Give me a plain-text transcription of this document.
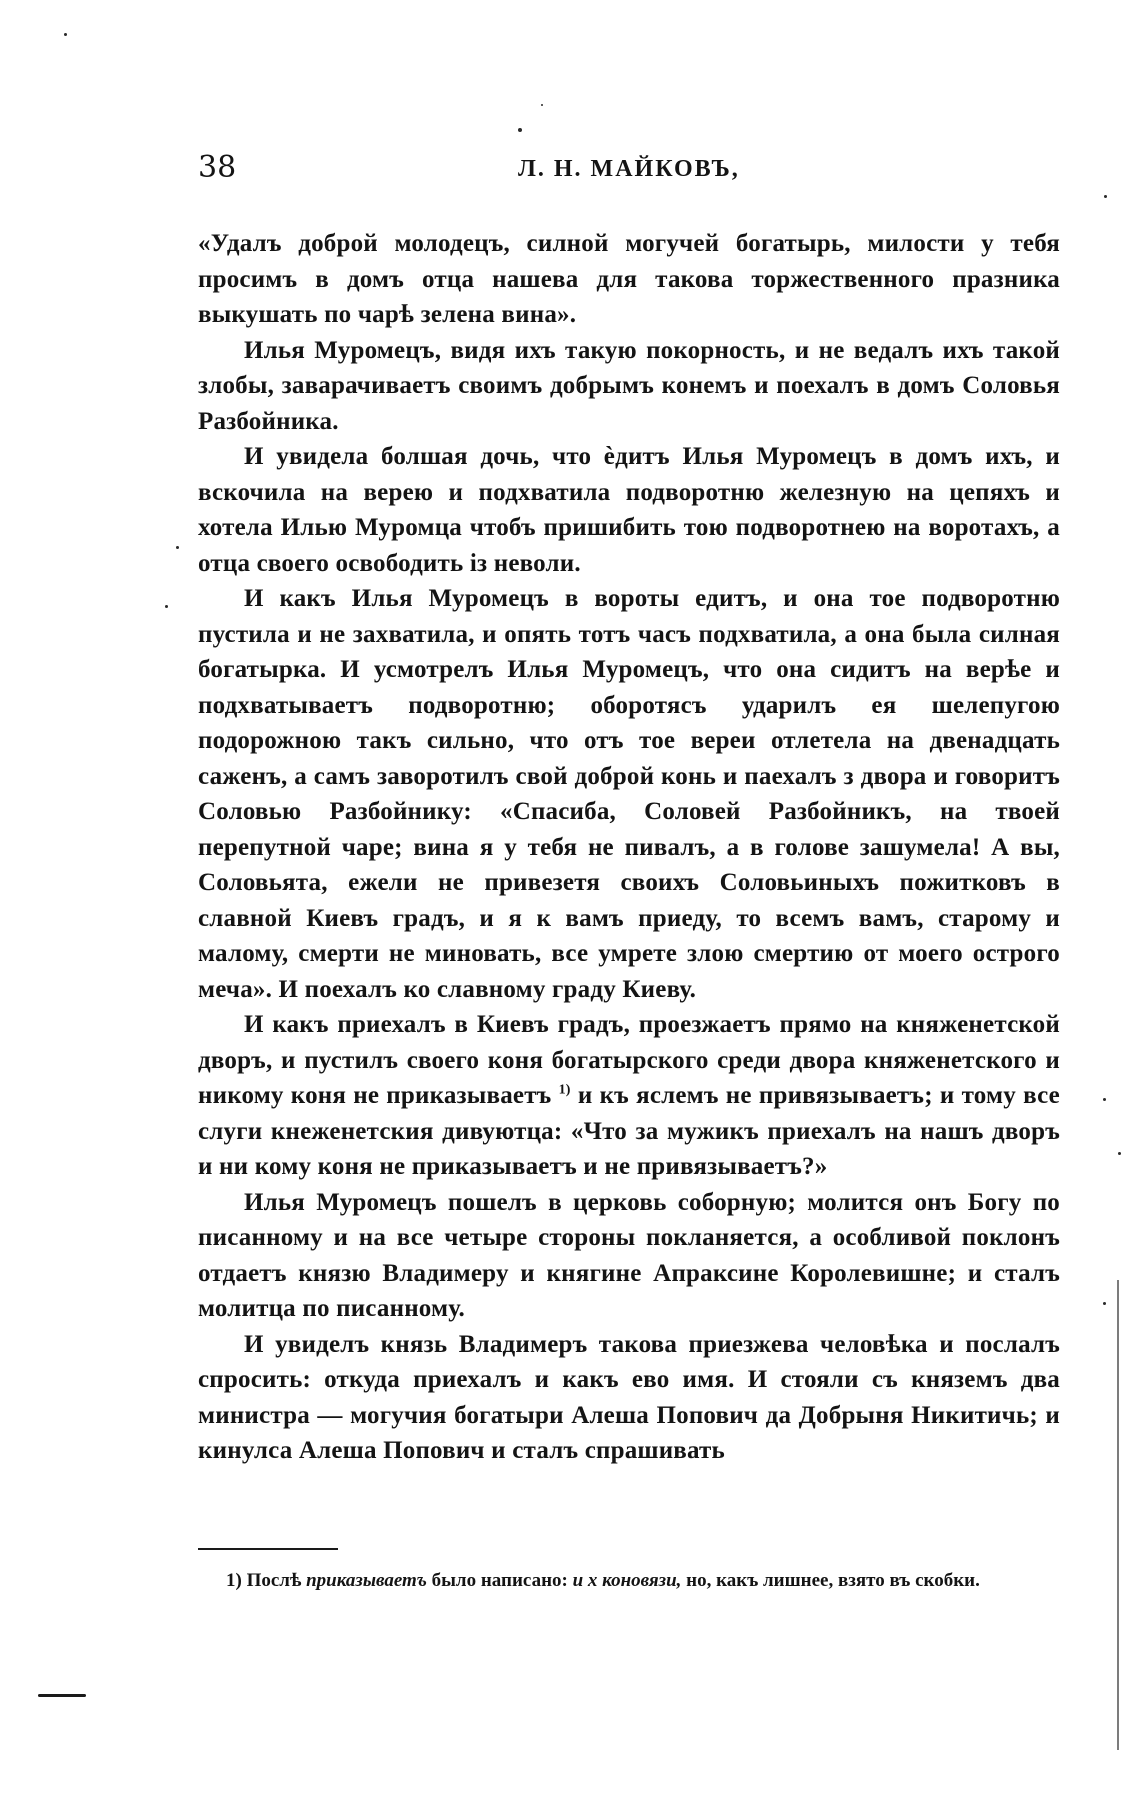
38	Л. Н. МАЙКОВЪ,

«Удалъ доброй молодецъ, силной могучей богатырь, милости у тебя просимъ в домъ отца нашева для такова торжественного празника выкушать по чарѣ зелена вина».

Илья Муромецъ, видя ихъ такую покорность, и не ведалъ ихъ такой злобы, заварачиваетъ своимъ добрымъ конемъ и поехалъ в домъ Соловья Разбойника.

И увидела болшая дочь, что ѐдитъ Илья Муромецъ в домъ ихъ, и вскочила на верею и подхватила подворотню железную на цепяхъ и хотела Илью Муромца чтобъ пришибить тою подворотнею на воротахъ, а отца своего освободить із неволи.

И какъ Илья Муромецъ в вороты едитъ, и она тое подворотню пустила и не захватила, и опять тотъ часъ подхватила, а она была силная богатырка. И усмотрелъ Илья Муромецъ, что она сидитъ на верѣе и подхватываетъ подворотню; оборотясъ ударилъ ея шелепугою подорожною такъ сильно, что отъ тое вереи отлетела на двенадцать саженъ, а самъ заворотилъ свой доброй конь и паехалъ з двора и говоритъ Соловью Разбойнику: «Спасиба, Соловей Разбойникъ, на твоей перепутной чаре; вина я у тебя не пивалъ, а в голове зашумела! А вы, Соловьята, ежели не привезетя своихъ Соловьиныхъ пожитковъ в славной Киевъ градъ, и я к вамъ приеду, то всемъ вамъ, старому и малому, смерти не миновать, все умрете злою смертию от моего острого меча». И поехалъ ко славному граду Киеву.

И какъ приехалъ в Киевъ градъ, проезжаетъ прямо на княженетской дворъ, и пустилъ своего коня богатырского среди двора княженетского и никому коня не приказываетъ $^{1)}$ и къ яслемъ не привязываетъ; и тому все слуги кнеженетския дивуютца: «Что за мужикъ приехалъ на нашъ дворъ и ни кому коня не приказываетъ и не привязываетъ?»

Илья Муромецъ пошелъ в церковь соборную; молится онъ Богу по писанному и на все четыре стороны покланяется, а особливой поклонъ отдаетъ князю Владимеру и княгине Апраксине Королевишне; и сталъ молитца по писанному.

И увиделъ князь Владимеръ такова приезжева человѣка и послалъ спросить: откуда приехалъ и какъ ево имя. И стояли съ княземъ два министра — могучия богатыри Алеша Попович да Добрыня Никитичь; и кинулса Алеша Попович и сталъ спрашивать

1) Послѣ приказываетъ было написано: и х коновязи, но, какъ лишнее, взято въ скобки.
